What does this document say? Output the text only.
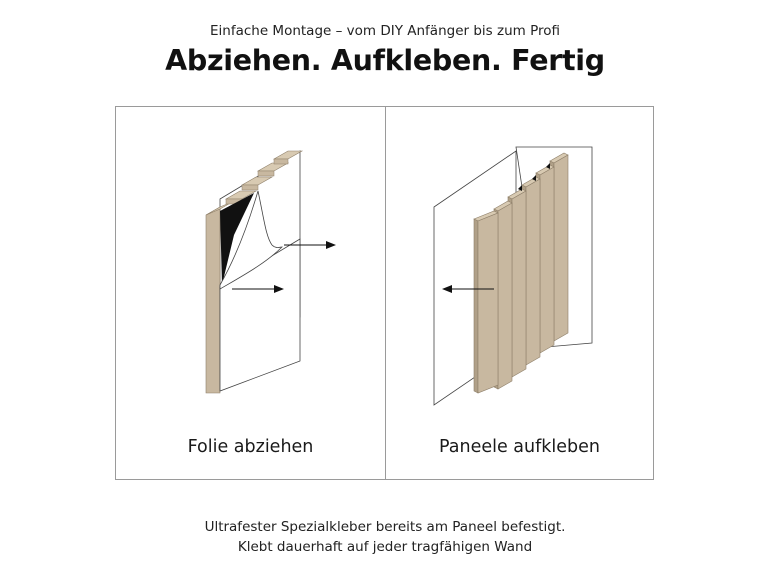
Einfache Montage – vom DIY Anfänger bis zum Profi
Abziehen. Aufkleben. Fertig
Folie abziehen	Paneele aufkleben
Ultrafester Spezialkleber bereits am Paneel befestigt.
Klebt dauerhaft auf jeder tragfähigen Wand
